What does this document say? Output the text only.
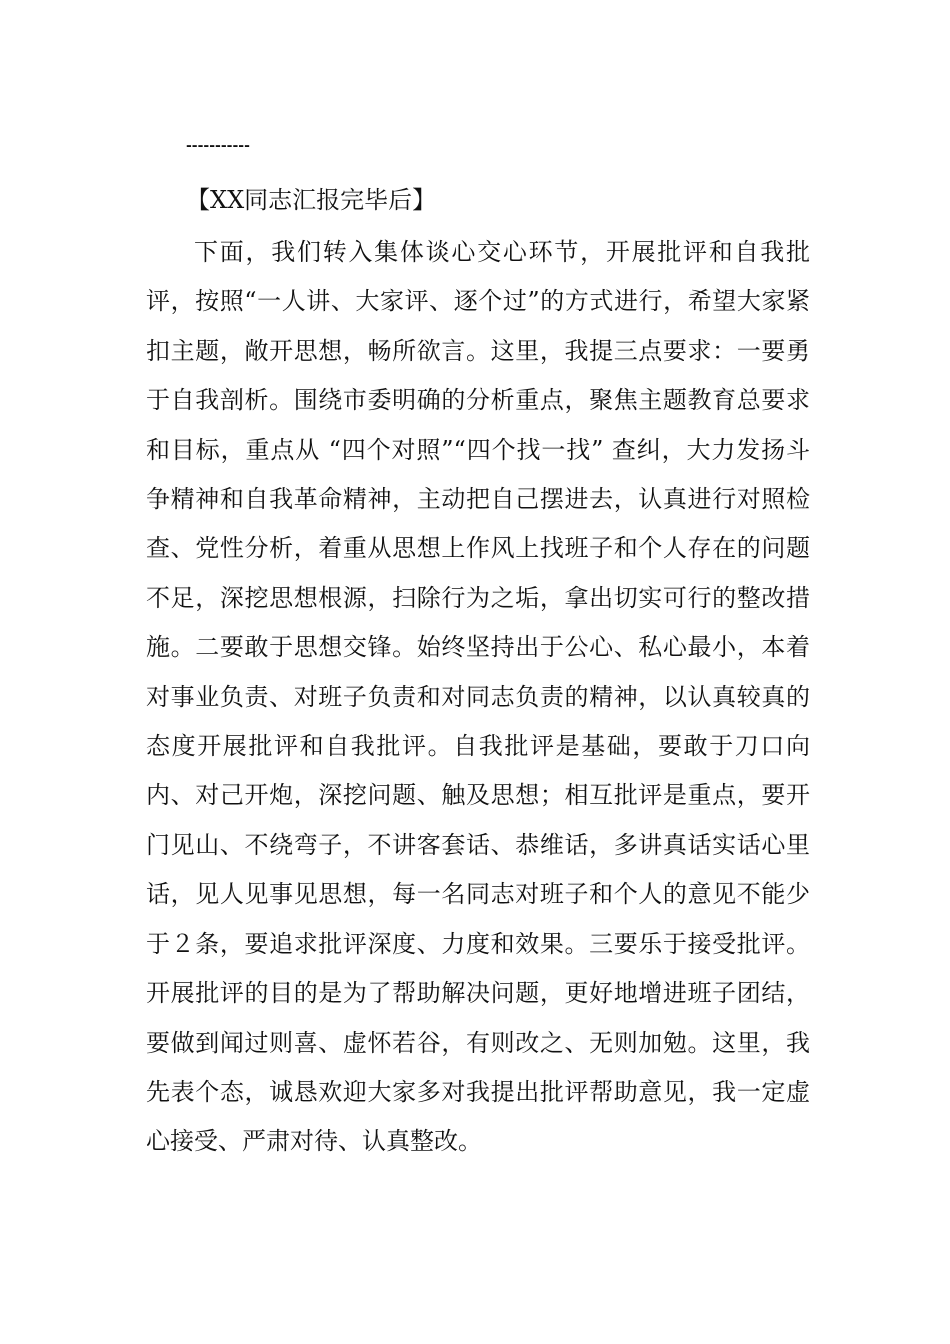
-----------
【XX同志汇报完毕后】

下面，我们转入集体谈心交心环节，开展批评和自我批评，按照“一人讲、大家评、逐个过”的方式进行，希望大家紧扣主题，敞开思想，畅所欲言。这里，我提三点要求：一要勇于自我剖析。围绕市委明确的分析重点，聚焦主题教育总要求和目标，重点从 “四个对照”“四个找一找” 查纠，大力发扬斗争精神和自我革命精神，主动把自己摆进去，认真进行对照检查、党性分析，着重从思想上作风上找班子和个人存在的问题不足，深挖思想根源，扫除行为之垢，拿出切实可行的整改措施。二要敢于思想交锋。始终坚持出于公心、私心最小，本着对事业负责、对班子负责和对同志负责的精神，以认真较真的态度开展批评和自我批评。自我批评是基础，要敢于刀口向内、对己开炮，深挖问题、触及思想；相互批评是重点，要开门见山、不绕弯子，不讲客套话、恭维话，多讲真话实话心里话，见人见事见思想，每一名同志对班子和个人的意见不能少于２条，要追求批评深度、力度和效果。三要乐于接受批评。开展批评的目的是为了帮助解决问题，更好地增进班子团结，要做到闻过则喜、虚怀若谷，有则改之、无则加勉。这里，我先表个态，诚恳欢迎大家多对我提出批评帮助意见，我一定虚心接受、严肃对待、认真整改。
